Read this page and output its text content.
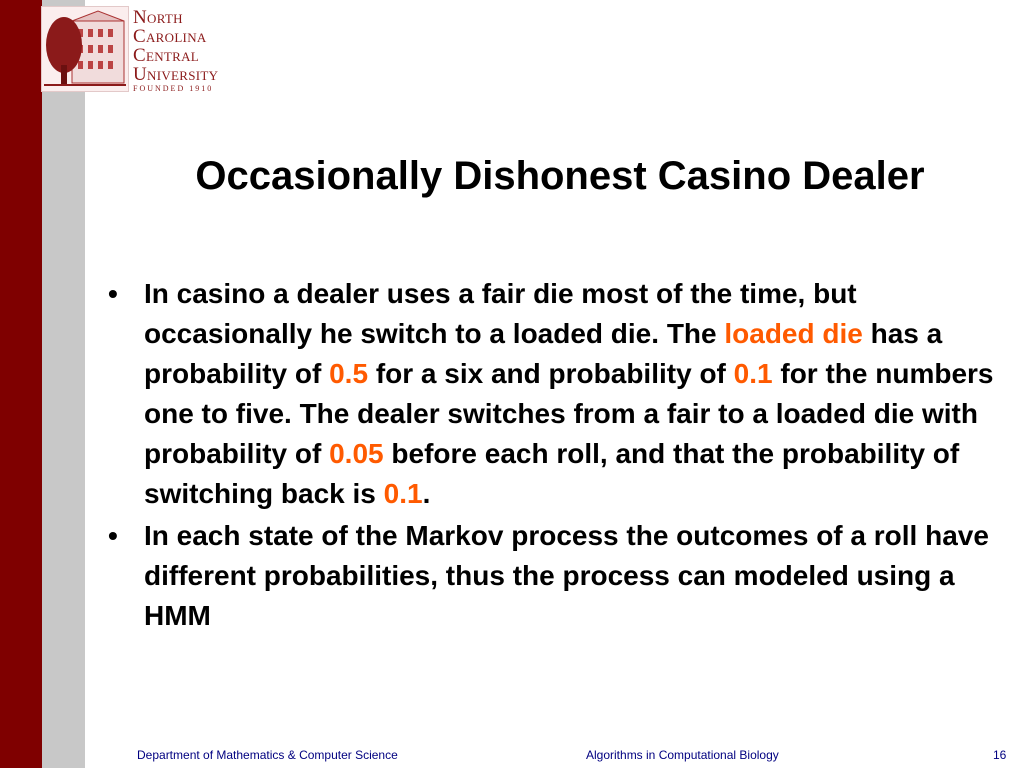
North
Carolina
Central
University
FOUNDED 1910
Occasionally Dishonest Casino Dealer
• In casino a dealer uses a fair die most of the time, but occasionally he switch to a loaded die. The loaded die has a probability of 0.5 for a six and probability of 0.1 for the numbers one to five. The dealer switches from a fair to a loaded die with probability of 0.05 before each roll, and that the probability of switching back is 0.1.
• In each state of the Markov process the outcomes of a roll have different probabilities, thus the process can modeled using a HMM
Department of Mathematics & Computer Science	Algorithms in Computational Biology	16
